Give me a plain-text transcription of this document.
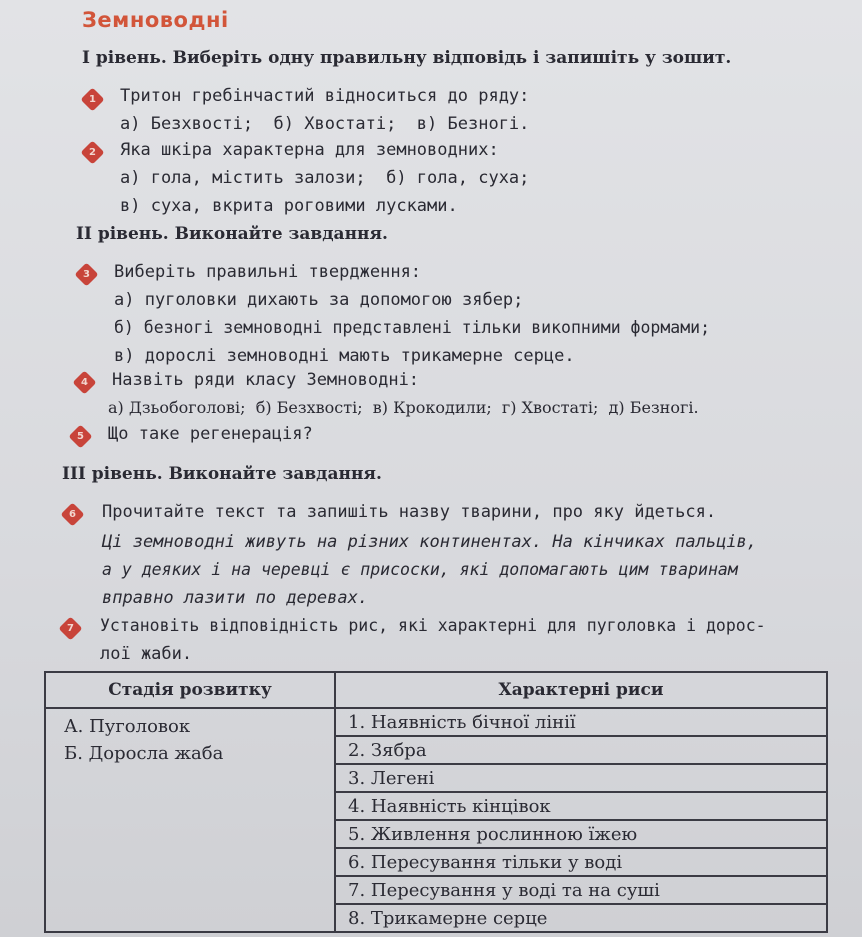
Земноводні
І рівень. Виберіть одну правильну відповідь і запишіть у зошит.
1 Тритон гребінчастий відноситься до ряду:
а) Безхвості;  б) Хвостаті;  в) Безногі.
2 Яка шкіра характерна для земноводних:
а) гола, містить залози;  б) гола, суха;
в) суха, вкрита роговими лусками.
ІІ рівень. Виконайте завдання.
3 Виберіть правильні твердження:
а) пуголовки дихають за допомогою зябер;
б) безногі земноводні представлені тільки викопними формами;
в) дорослі земноводні мають трикамерне серце.
4 Назвіть ряди класу Земноводні:
а) Дзьобоголові;  б) Безхвості;  в) Крокодили;  г) Хвостаті;  д) Безногі.
5 Що таке регенерація?
ІІІ рівень. Виконайте завдання.
6 Прочитайте текст та запишіть назву тварини, про яку йдеться.
Ці земноводні живуть на різних континентах. На кінчиках пальців,
а у деяких і на черевці є присоски, які допомагають цим тваринам
вправно лазити по деревах.
7	Установіть відповідність рис, які характерні для пуголовка і дорос-
лої жаби.
Стадія розвитку	Характерні риси

А. Пуголовок
Б. Доросла жаба	1. Наявність бічної лінії
	2. Зябра
	3. Легені
	4. Наявність кінцівок
	5. Живлення рослинною їжею
	6. Пересування тільки у воді
	7. Пересування у воді та на суші
	8. Трикамерне серце
